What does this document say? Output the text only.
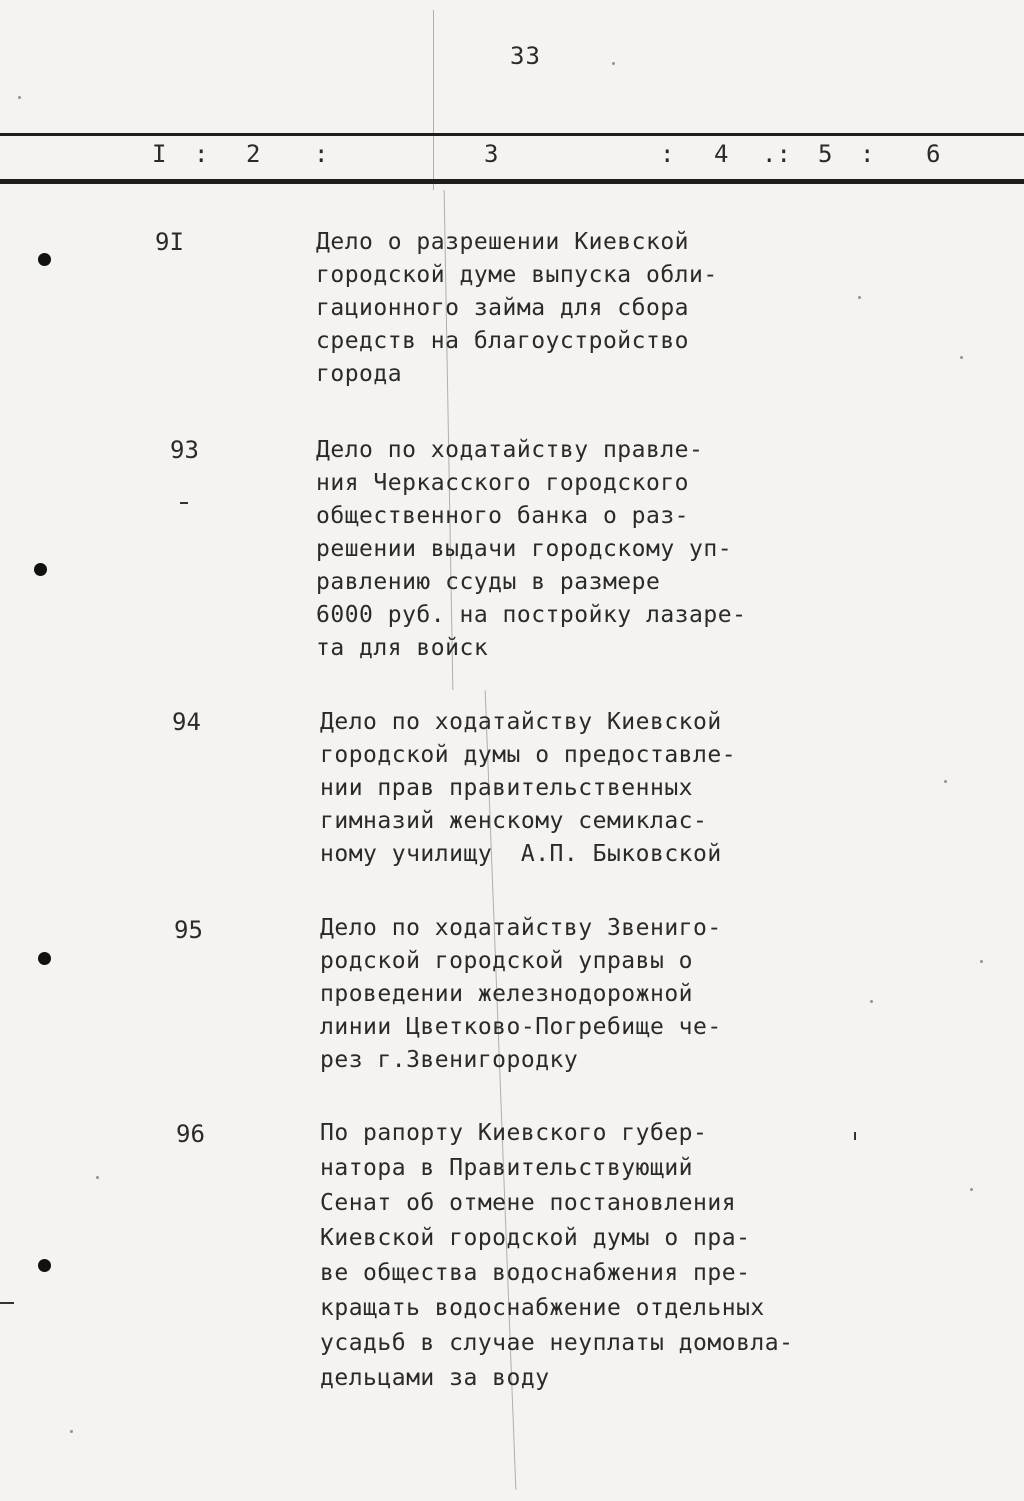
33
I : 2 :	3	: 4 .: 5 : 6
9I	Дело о разрешении Киевской
городской думе выпуска обли-
гационного займа для сбора
средств на благоустройство
города
93	Дело по ходатайству правле-
ния Черкасского городского
общественного банка о раз-
решении выдачи городскому уп-
равлению ссуды в размере
6000 руб. на постройку лазаре-
та для войск
94	Дело по ходатайству Киевской
городской думы о предоставле-
нии прав правительственных
гимназий женскому семиклас-
ному училищу  А.П. Быковской
95	Дело по ходатайству Звениго-
родской городской управы о
проведении железнодорожной
линии Цветково-Погребище че-
рез г.Звенигородку
96	По рапорту Киевского губер-
натора в Правительствующий
Сенат об отмене постановления
Киевской городской думы о пра-
ве общества водоснабжения пре-
кращать водоснабжение отдельных
усадьб в случае неуплаты домовла-
дельцами за воду
